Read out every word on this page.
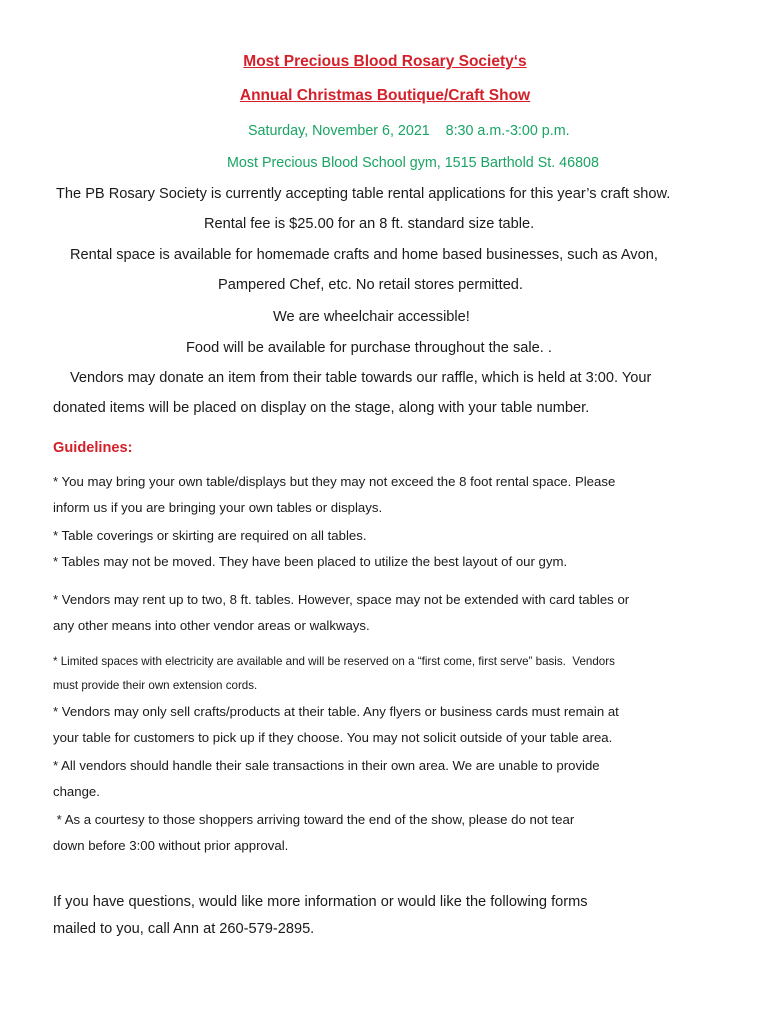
Most Precious Blood Rosary Society‘s
Annual Christmas Boutique/Craft Show
Saturday, November 6, 2021    8:30 a.m.-3:00 p.m.
Most Precious Blood School gym, 1515 Barthold St. 46808
The PB Rosary Society is currently accepting table rental applications for this year’s craft show.
Rental fee is $25.00 for an 8 ft. standard size table.
Rental space is available for homemade crafts and home based businesses, such as Avon,
Pampered Chef, etc. No retail stores permitted.
We are wheelchair accessible!
Food will be available for purchase throughout the sale. .
Vendors may donate an item from their table towards our raffle, which is held at 3:00. Your
donated items will be placed on display on the stage, along with your table number.
Guidelines:
* You may bring your own table/displays but they may not exceed the 8 foot rental space. Please
inform us if you are bringing your own tables or displays.
* Table coverings or skirting are required on all tables.
* Tables may not be moved. They have been placed to utilize the best layout of our gym.
* Vendors may rent up to two, 8 ft. tables. However, space may not be extended with card tables or
any other means into other vendor areas or walkways.
* Limited spaces with electricity are available and will be reserved on a “first come, first serve” basis.  Vendors
must provide their own extension cords.
* Vendors may only sell crafts/products at their table. Any flyers or business cards must remain at
your table for customers to pick up if they choose. You may not solicit outside of your table area.
* All vendors should handle their sale transactions in their own area. We are unable to provide
change.
* As a courtesy to those shoppers arriving toward the end of the show, please do not tear
down before 3:00 without prior approval.
If you have questions, would like more information or would like the following forms
mailed to you, call Ann at 260-579-2895.
